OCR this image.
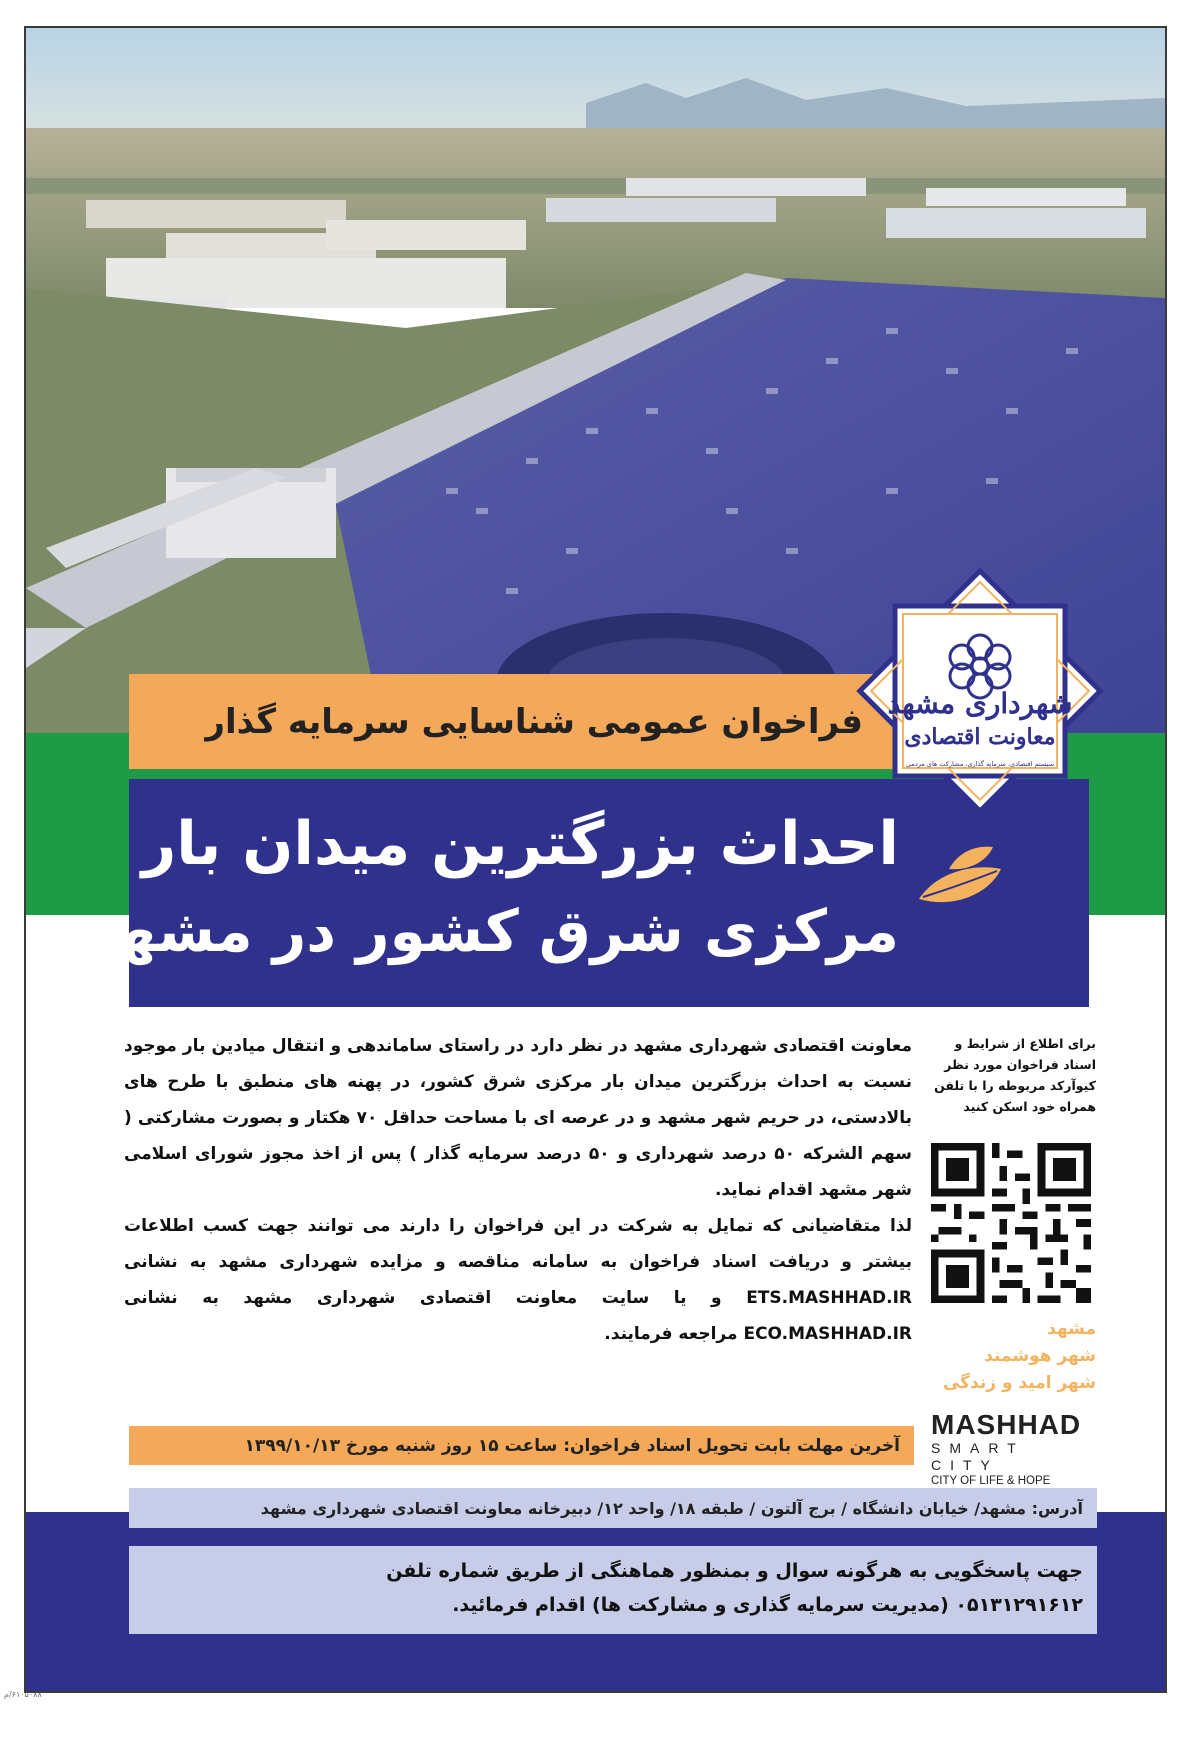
فراخوان عمومی شناسایی سرمایه گذار
احداث بزرگترین میدان بار
مرکزی شرق کشور در مشهد
شهرداری مشهد
معاونت اقتصادی
سیستم اقتصادی، سرمایه گذاری، مشارکت های مردمی
معاونت اقتصادی شهرداری مشهد در نظر دارد در راستای ساماندهی و انتقال میادین بار موجود نسبت به احداث بزرگترین میدان بار مرکزی شرق کشور، در پهنه های منطبق با طرح های بالادستی، در حریم شهر مشهد و در عرصه ای با مساحت حداقل ۷۰ هکتار و بصورت مشارکتی ( سهم الشرکه ۵۰ درصد شهرداری و ۵۰ درصد سرمایه گذار ) پس از اخذ مجوز شورای اسلامی شهر مشهد اقدام نماید.
لذا متقاضیانی که تمایل به شرکت در این فراخوان را دارند می توانند جهت کسب اطلاعات بیشتر و دریافت اسناد فراخوان به سامانه مناقصه و مزایده شهرداری مشهد به نشانی ETS.MASHHAD.IR و یا سایت معاونت اقتصادی شهرداری مشهد به نشانی ECO.MASHHAD.IR مراجعه فرمایند.
برای اطلاع از شرایط و اسناد فراخوان مورد نظر کیوآرکد مربوطه را با تلفن همراه خود اسکن کنید
مشهد
شهر هوشمند
شهر امید و زندگی
MASHHAD
SMART CITY
CITY OF LIFE & HOPE
آخرین مهلت بابت تحویل اسناد فراخوان: ساعت ۱۵ روز شنبه مورخ ۱۳۹۹/۱۰/۱۳
آدرس: مشهد/ خیابان دانشگاه / برج آلتون / طبقه ۱۸/ واحد ۱۲/ دبیرخانه معاونت اقتصادی شهرداری مشهد
جهت پاسخگویی به هرگونه سوال و بمنظور هماهنگی از طریق شماره تلفن
۰۵۱۳۱۲۹۱۶۱۲ (مدیریت سرمایه گذاری و مشارکت ها) اقدام فرمائید.
۶۱۰۵۰۸۸/م
